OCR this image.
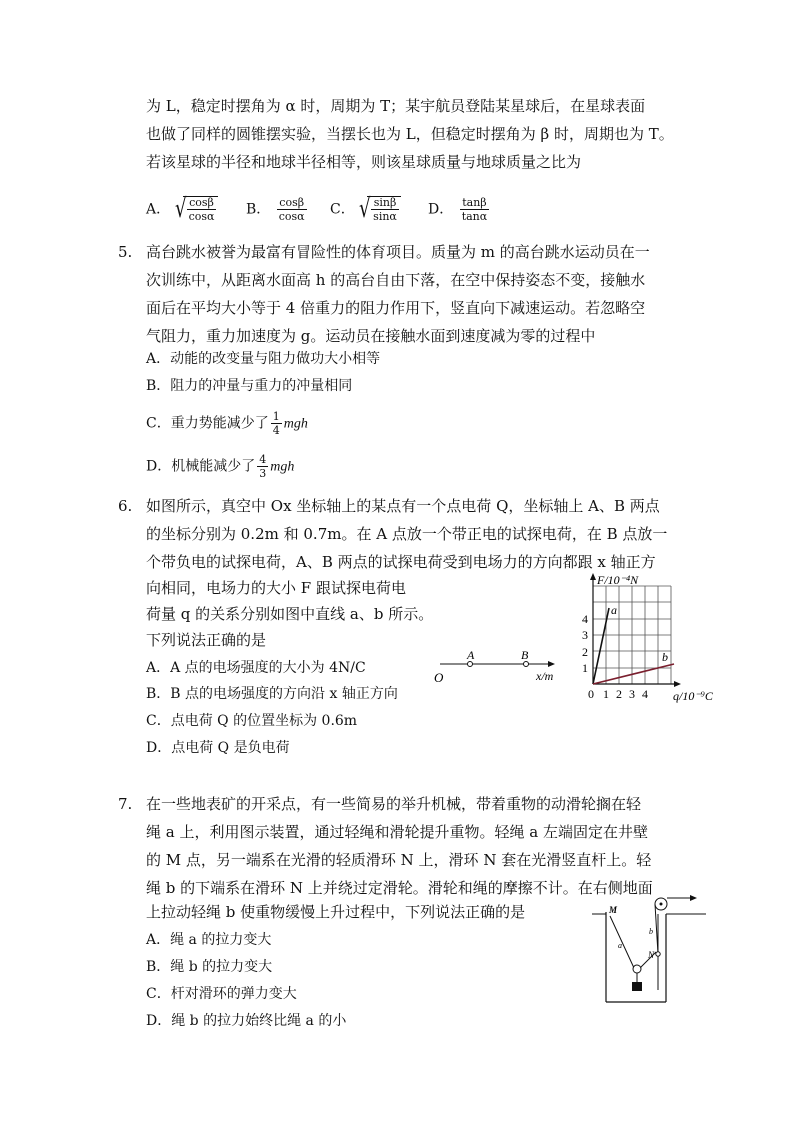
为 L，稳定时摆角为 α 时，周期为 T；某宇航员登陆某星球后，在星球表面
也做了同样的圆锥摆实验，当摆长也为 L，但稳定时摆角为 β 时，周期也为 T。
若该星球的半径和地球半径相等，则该星球质量与地球质量之比为
A． √ $\frac{\cos\beta}{\cos\alpha}$ B． $\frac{\cos\beta}{\cos\alpha}$ C． √ $\frac{\sin\beta}{\sin\alpha}$ D． $\frac{\tan\beta}{\tan\alpha}$
5. 高台跳水被誉为最富有冒险性的体育项目。质量为 m 的高台跳水运动员在一
次训练中，从距离水面高 h 的高台自由下落，在空中保持姿态不变，接触水
面后在平均大小等于 4 倍重力的阻力作用下，竖直向下减速运动。若忽略空
气阻力，重力加速度为 g。运动员在接触水面到速度减为零的过程中
A．动能的改变量与阻力做功大小相等
B．阻力的冲量与重力的冲量相同
C．重力势能减少了 $\frac{1}{4}$ mgh
D．机械能减少了 $\frac{4}{3}$ mgh
6. 如图所示，真空中 Ox 坐标轴上的某点有一个点电荷 Q，坐标轴上 A、B 两点
的坐标分别为 0.2m 和 0.7m。在 A 点放一个带正电的试探电荷，在 B 点放一
个带负电的试探电荷，A、B 两点的试探电荷受到电场力的方向都跟 x 轴正方
向相同，电场力的大小 F 跟试探电荷电
荷量 q 的关系分别如图中直线 a、b 所示。
下列说法正确的是
A．A 点的电场强度的大小为 4N/C
B．B 点的电场强度的方向沿 x 轴正方向
C．点电荷 Q 的位置坐标为 0.6m
D．点电荷 Q 是负电荷
O
A	B
x/m
F/10⁻⁴N
q/10⁻⁹C
0 1 2 3 4
1
2
3
4
a
b
7. 在一些地表矿的开采点，有一些简易的举升机械，带着重物的动滑轮搁在轻
绳 a 上，利用图示装置，通过轻绳和滑轮提升重物。轻绳 a 左端固定在井壁
的 M 点，另一端系在光滑的轻质滑环 N 上，滑环 N 套在光滑竖直杆上。轻
绳 b 的下端系在滑环 N 上并绕过定滑轮。滑轮和绳的摩擦不计。在右侧地面
上拉动轻绳 b 使重物缓慢上升过程中，下列说法正确的是
A．绳 a 的拉力变大
B．绳 b 的拉力变大
C．杆对滑环的弹力变大
D．绳 b 的拉力始终比绳 a 的小
M
N
a
b
